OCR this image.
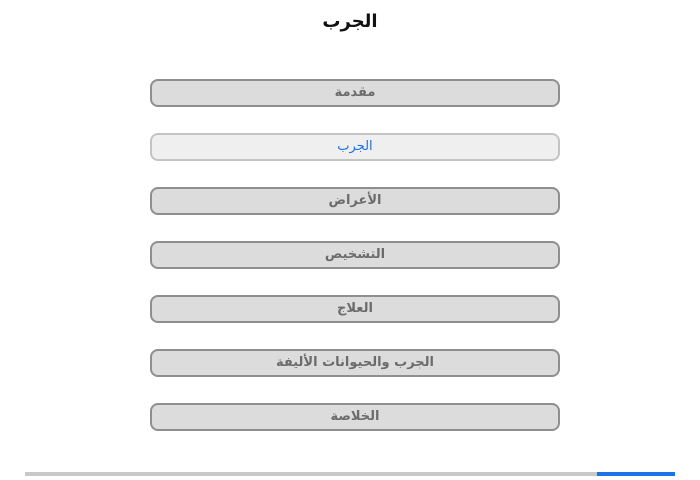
الجرب
مقدمة
الجرب
الأعراض
التشخيص
العلاج
الجرب والحيوانات الأليفة
الخلاصة
